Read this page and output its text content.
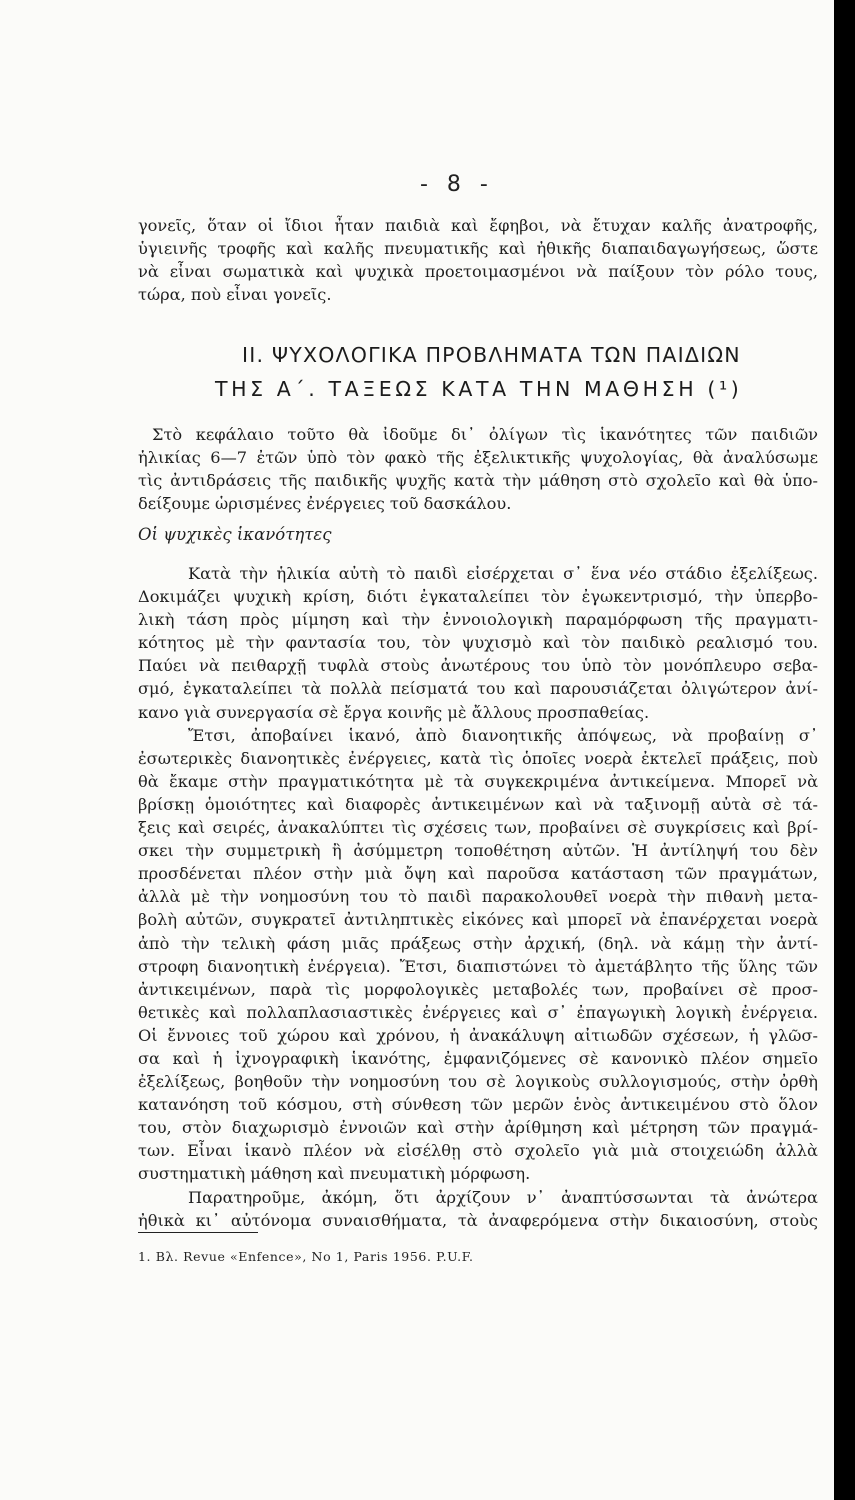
- 8 -
γονεῖς, ὅταν οἱ ἴδιοι ἦταν παιδιὰ καὶ ἔφηβοι, νὰ ἔτυχαν καλῆς ἀνατροφῆς,
ὑγιεινῆς τροφῆς καὶ καλῆς πνευματικῆς καὶ ἠθικῆς διαπαιδαγωγήσεως, ὥστε
νὰ εἶναι σωματικὰ καὶ ψυχικὰ προετοιμασμένοι νὰ παίξουν τὸν ρόλο τους,
τώρα, ποὺ εἶναι γονεῖς.
ΙΙ. ΨΥΧΟΛΟΓΙΚΑ ΠΡΟΒΛΗΜΑΤΑ ΤΩΝ ΠΑΙΔΙΩΝ
ΤΗΣ Α΄. ΤΑΞΕΩΣ ΚΑΤΑ ΤΗΝ ΜΑΘΗΣΗ (¹)
Στὸ κεφάλαιο τοῦτο θὰ ἰδοῦμε δι᾽ ὀλίγων τὶς ἱκανότητες τῶν παιδιῶν
ἡλικίας 6—7 ἐτῶν ὑπὸ τὸν φακὸ τῆς ἐξελικτικῆς ψυχολογίας, θὰ ἀναλύσωμε
τὶς ἀντιδράσεις τῆς παιδικῆς ψυχῆς κατὰ τὴν μάθηση στὸ σχολεῖο καὶ θὰ ὑπο-
δείξουμε ὡρισμένες ἐνέργειες τοῦ δασκάλου.
Οἱ ψυχικὲς ἱκανότητες
Κατὰ τὴν ἡλικία αὐτὴ τὸ παιδὶ εἰσέρχεται σ᾽ ἕνα νέο στάδιο ἐξελίξεως.
Δοκιμάζει ψυχικὴ κρίση, διότι ἐγκαταλείπει τὸν ἐγωκεντρισμό, τὴν ὑπερβο-
λικὴ τάση πρὸς μίμηση καὶ τὴν ἐννοιολογικὴ παραμόρφωση τῆς πραγματι-
κότητος μὲ τὴν φαντασία του, τὸν ψυχισμὸ καὶ τὸν παιδικὸ ρεαλισμό του.
Παύει νὰ πειθαρχῇ τυφλὰ στοὺς ἀνωτέρους του ὑπὸ τὸν μονόπλευρο σεβα-
σμό, ἐγκαταλείπει τὰ πολλὰ πείσματά του καὶ παρουσιάζεται ὀλιγώτερον ἀνί-
κανο γιὰ συνεργασία σὲ ἔργα κοινῆς μὲ ἄλλους προσπαθείας.
Ἔτσι, ἀποβαίνει ἱκανό, ἀπὸ διανοητικῆς ἀπόψεως, νὰ προβαίνῃ σ᾽
ἐσωτερικὲς διανοητικὲς ἐνέργειες, κατὰ τὶς ὁποῖες νοερὰ ἐκτελεῖ πράξεις, ποὺ
θὰ ἔκαμε στὴν πραγματικότητα μὲ τὰ συγκεκριμένα ἀντικείμενα. Μπορεῖ νὰ
βρίσκῃ ὁμοιότητες καὶ διαφορὲς ἀντικειμένων καὶ νὰ ταξινομῇ αὐτὰ σὲ τά-
ξεις καὶ σειρές, ἀνακαλύπτει τὶς σχέσεις των, προβαίνει σὲ συγκρίσεις καὶ βρί-
σκει τὴν συμμετρικὴ ἢ ἀσύμμετρη τοποθέτηση αὐτῶν. Ἡ ἀντίληψή του δὲν
προσδένεται πλέον στὴν μιὰ ὄψη καὶ παροῦσα κατάσταση τῶν πραγμάτων,
ἀλλὰ μὲ τὴν νοημοσύνη του τὸ παιδὶ παρακολουθεῖ νοερὰ τὴν πιθανὴ μετα-
βολὴ αὐτῶν, συγκρατεῖ ἀντιληπτικὲς εἰκόνες καὶ μπορεῖ νὰ ἐπανέρχεται νοερὰ
ἀπὸ τὴν τελικὴ φάση μιᾶς πράξεως στὴν ἀρχική, (δηλ. νὰ κάμῃ τὴν ἀντί-
στροφη διανοητικὴ ἐνέργεια). Ἔτσι, διαπιστώνει τὸ ἀμετάβλητο τῆς ὕλης τῶν
ἀντικειμένων, παρὰ τὶς μορφολογικὲς μεταβολές των, προβαίνει σὲ προσ-
θετικὲς καὶ πολλαπλασιαστικὲς ἐνέργειες καὶ σ᾽ ἐπαγωγικὴ λογικὴ ἐνέργεια.
Οἱ ἔννοιες τοῦ χώρου καὶ χρόνου, ἡ ἀνακάλυψη αἰτιωδῶν σχέσεων, ἡ γλῶσ-
σα καὶ ἡ ἰχνογραφικὴ ἱκανότης, ἐμφανιζόμενες σὲ κανονικὸ πλέον σημεῖο
ἐξελίξεως, βοηθοῦν τὴν νοημοσύνη του σὲ λογικοὺς συλλογισμούς, στὴν ὀρθὴ
κατανόηση τοῦ κόσμου, στὴ σύνθεση τῶν μερῶν ἑνὸς ἀντικειμένου στὸ ὅλον
του, στὸν διαχωρισμὸ ἐννοιῶν καὶ στὴν ἀρίθμηση καὶ μέτρηση τῶν πραγμά-
των. Εἶναι ἱκανὸ πλέον νὰ εἰσέλθῃ στὸ σχολεῖο γιὰ μιὰ στοιχειώδη ἀλλὰ
συστηματικὴ μάθηση καὶ πνευματικὴ μόρφωση.
Παρατηροῦμε, ἀκόμη, ὅτι ἀρχίζουν ν᾽ ἀναπτύσσωνται τὰ ἀνώτερα
ἠθικὰ κι᾽ αὐτόνομα συναισθήματα, τὰ ἀναφερόμενα στὴν δικαιοσύνη, στοὺς
1. Βλ. Revue «Enfence», No 1, Paris 1956. P.U.F.
